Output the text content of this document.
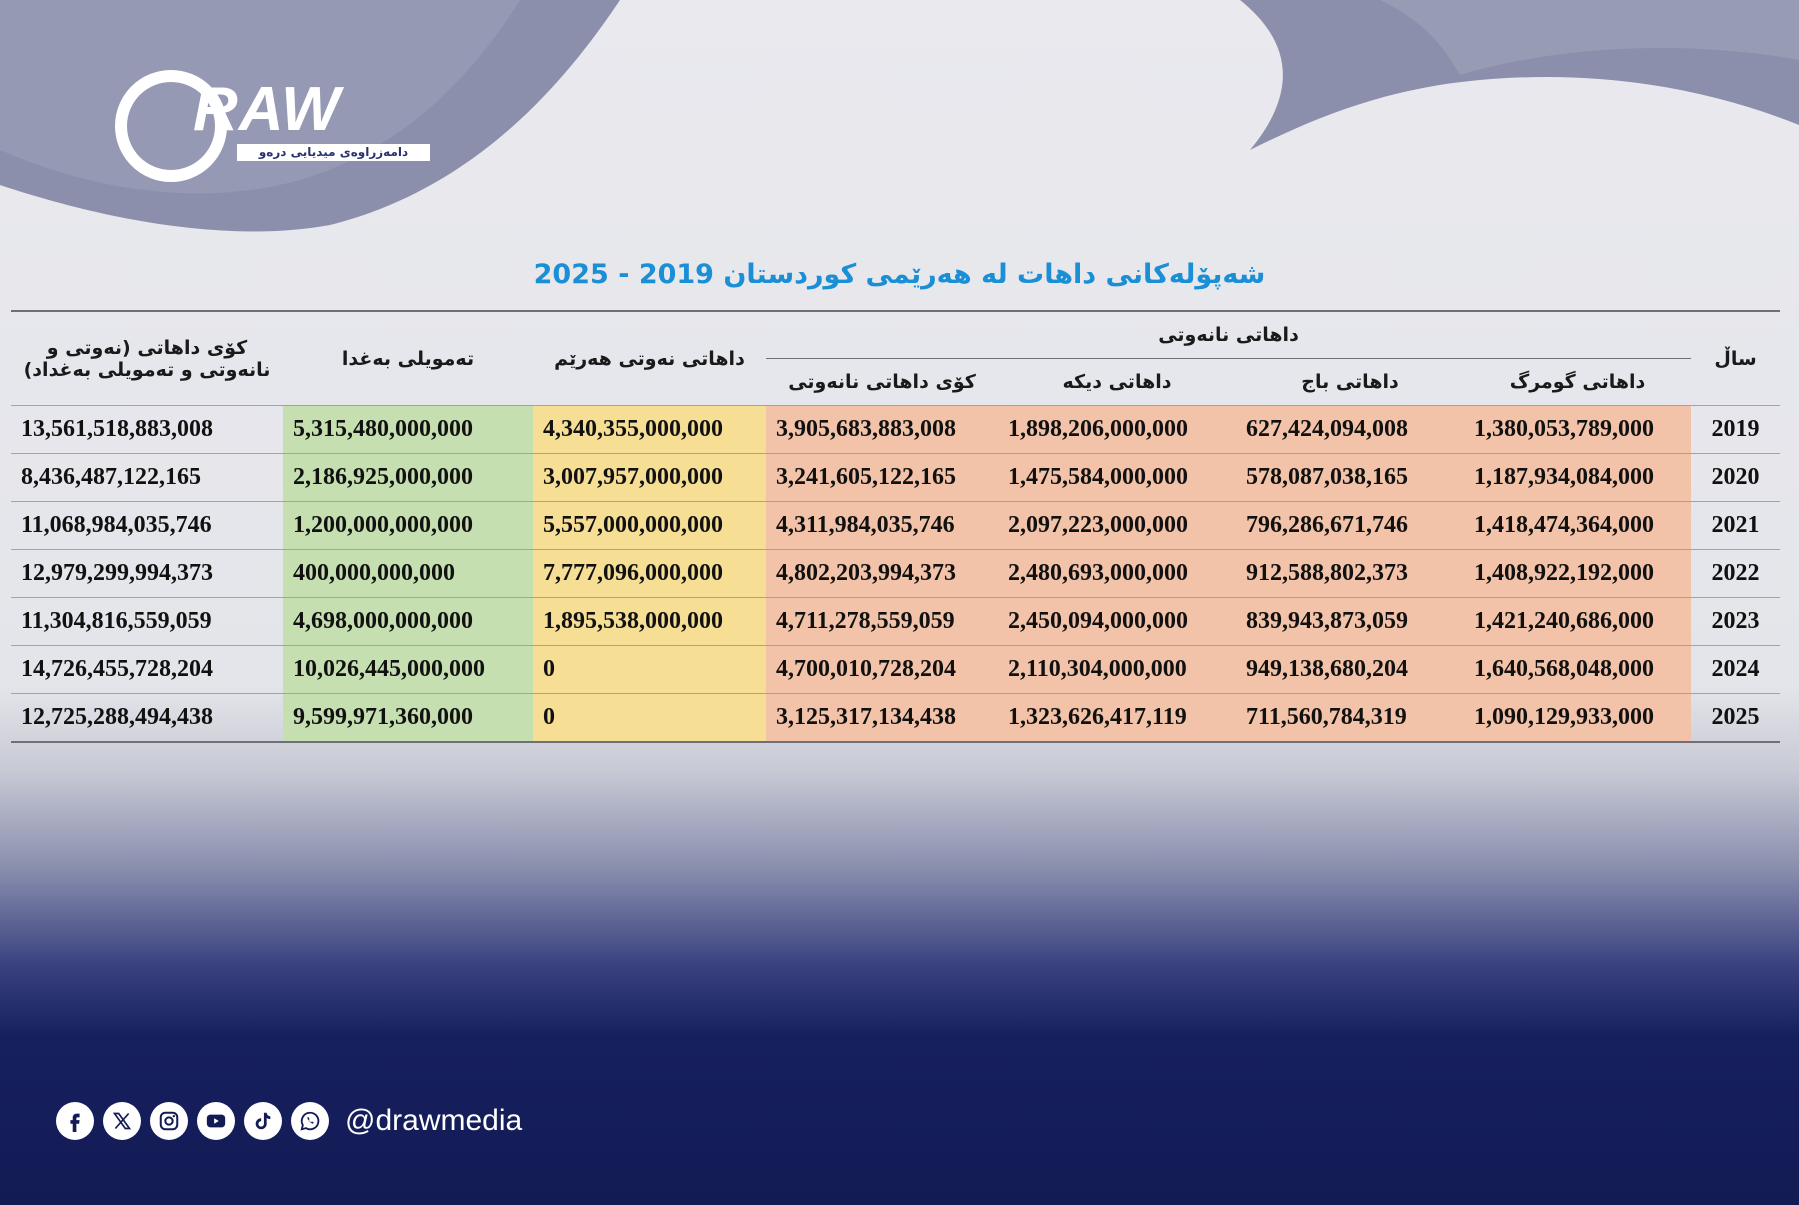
RAW
دامەزراوەی میدیایی درەو
شەپۆلەکانی داهات لە هەرێمی کوردستان 2019 - 2025
ساڵ	داهاتی نانەوتی				داهاتی نەوتی هەرێم	تەمویلی بەغدا	کۆی داهاتی (نەوتی و
نانەوتی و تەمویلی بەغداد)

	داهاتی گومرگ	داهاتی باج	داهاتی دیکە	کۆی داهاتی نانەوتی			
2019	1,380,053,789,000	627,424,094,008	1,898,206,000,000	3,905,683,883,008	4,340,355,000,000	5,315,480,000,000	13,561,518,883,008
2020	1,187,934,084,000	578,087,038,165	1,475,584,000,000	3,241,605,122,165	3,007,957,000,000	2,186,925,000,000	8,436,487,122,165
2021	1,418,474,364,000	796,286,671,746	2,097,223,000,000	4,311,984,035,746	5,557,000,000,000	1,200,000,000,000	11,068,984,035,746
2022	1,408,922,192,000	912,588,802,373	2,480,693,000,000	4,802,203,994,373	7,777,096,000,000	400,000,000,000	12,979,299,994,373
2023	1,421,240,686,000	839,943,873,059	2,450,094,000,000	4,711,278,559,059	1,895,538,000,000	4,698,000,000,000	11,304,816,559,059
2024	1,640,568,048,000	949,138,680,204	2,110,304,000,000	4,700,010,728,204	0	10,026,445,000,000	14,726,455,728,204
2025	1,090,129,933,000	711,560,784,319	1,323,626,417,119	3,125,317,134,438	0	9,599,971,360,000	12,725,288,494,438
@drawmedia
